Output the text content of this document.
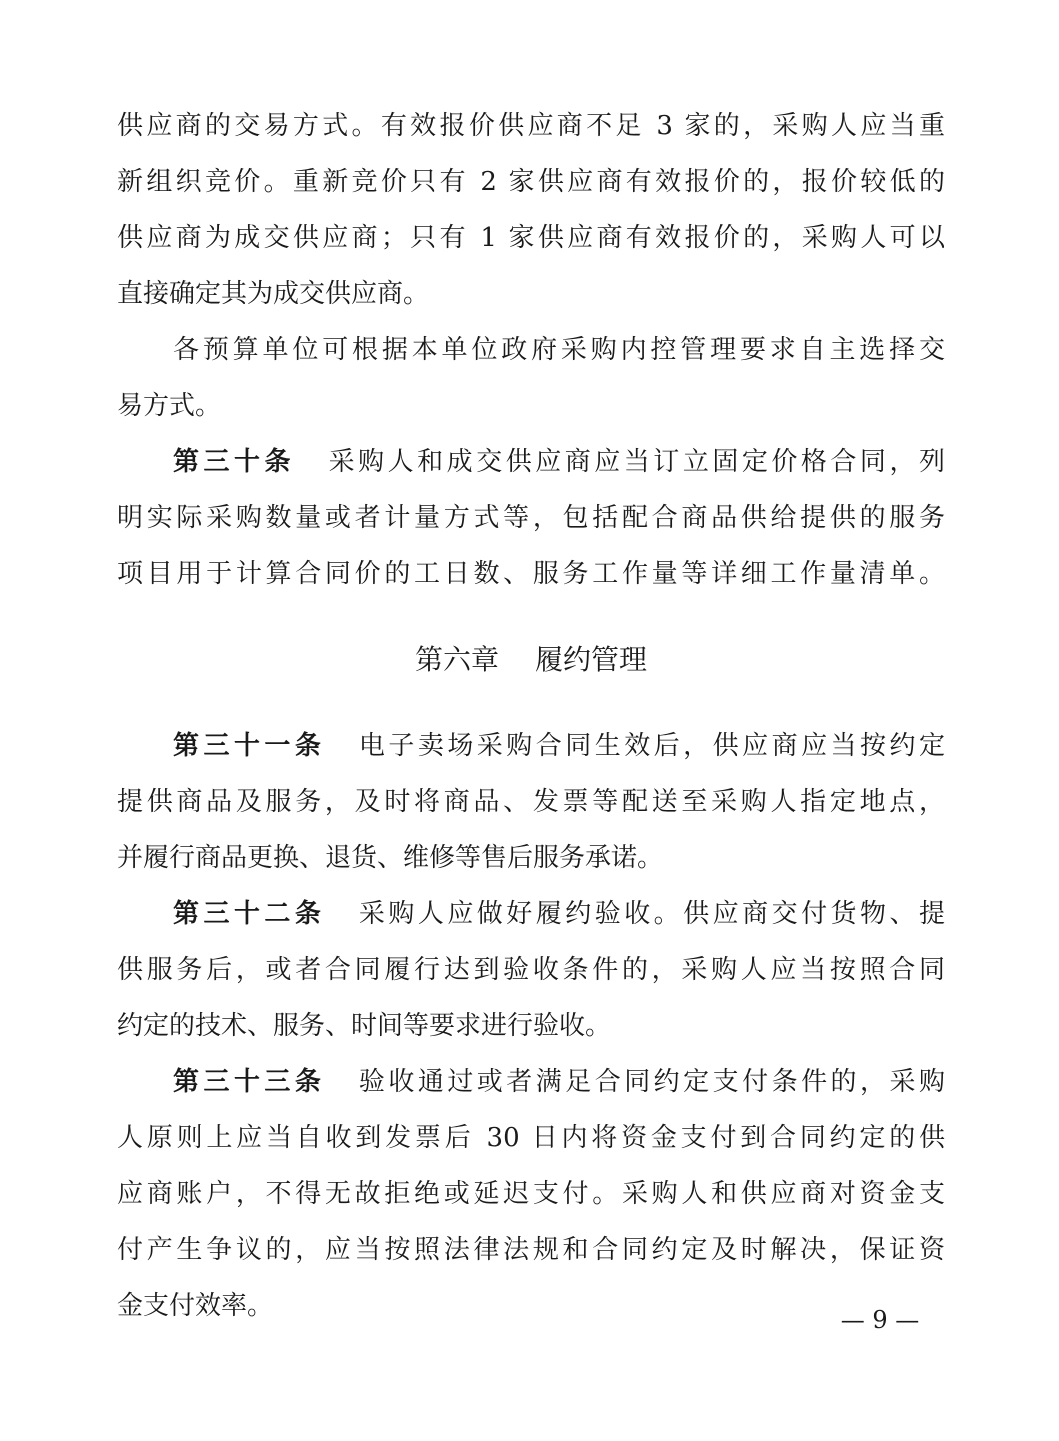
供应商的交易方式。有效报价供应商不足 3 家的，采购人应当重
新组织竞价。重新竞价只有 2 家供应商有效报价的，报价较低的
供应商为成交供应商；只有 1 家供应商有效报价的，采购人可以
直接确定其为成交供应商。
各预算单位可根据本单位政府采购内控管理要求自主选择交
易方式。
第三十条 采购人和成交供应商应当订立固定价格合同，列
明实际采购数量或者计量方式等，包括配合商品供给提供的服务
项目用于计算合同价的工日数、服务工作量等详细工作量清单。
第六章 履约管理
第三十一条 电子卖场采购合同生效后，供应商应当按约定
提供商品及服务，及时将商品、发票等配送至采购人指定地点，
并履行商品更换、退货、维修等售后服务承诺。
第三十二条 采购人应做好履约验收。供应商交付货物、提
供服务后，或者合同履行达到验收条件的，采购人应当按照合同
约定的技术、服务、时间等要求进行验收。
第三十三条 验收通过或者满足合同约定支付条件的，采购
人原则上应当自收到发票后 30 日内将资金支付到合同约定的供
应商账户，不得无故拒绝或延迟支付。采购人和供应商对资金支
付产生争议的，应当按照法律法规和合同约定及时解决，保证资
金支付效率。	— 9 —
